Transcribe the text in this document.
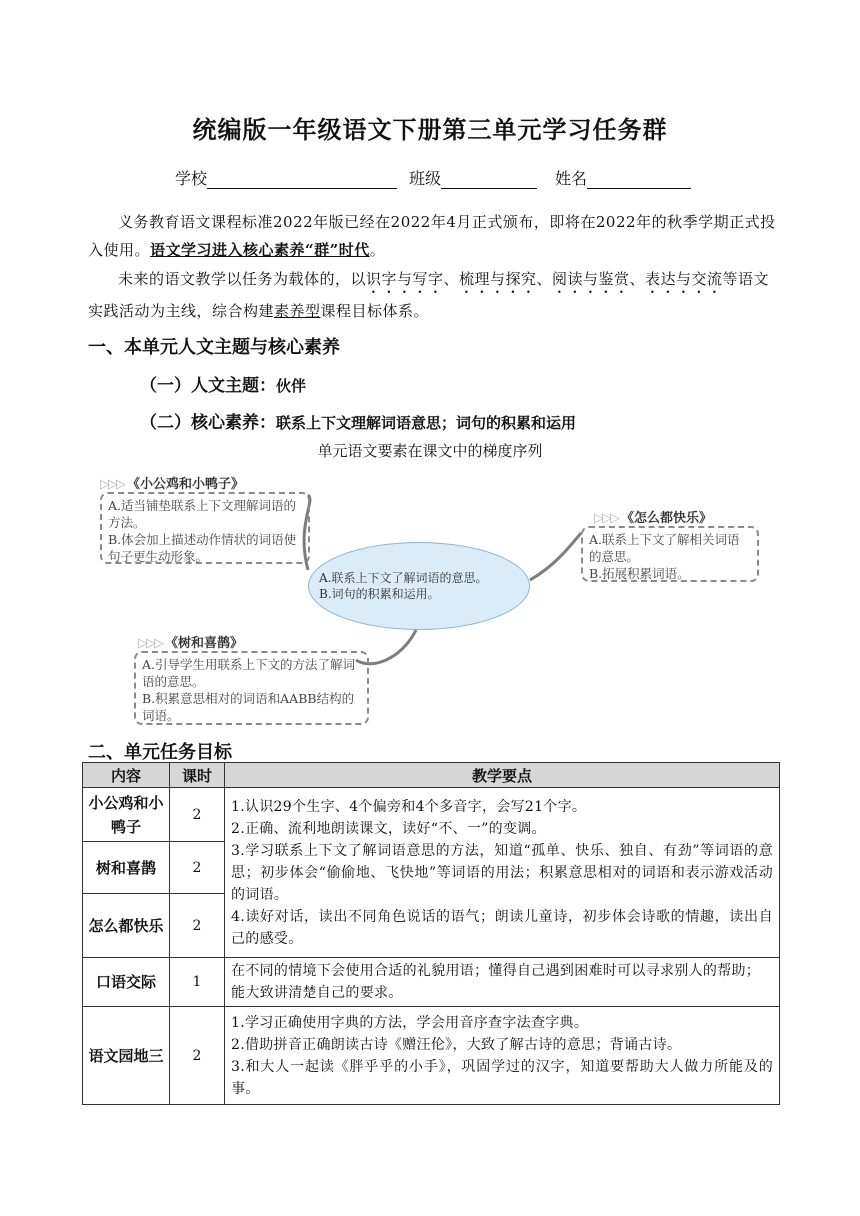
统编版一年级语文下册第三单元学习任务群
学校	班级	姓名
义务教育语文课程标准2022年版已经在2022年4月正式颁布，即将在2022年的秋季学期正式投入使用。语文学习进入核心素养“群”时代。
未来的语文教学以任务为载体的，以识字与写字、梳理与探究、阅读与鉴赏、表达与交流等语文实践活动为主线，综合构建素养型课程目标体系。
一、本单元人文主题与核心素养
（一）人文主题：伙伴
（二）核心素养：联系上下文理解词语意思；词句的积累和运用
单元语文要素在课文中的梯度序列
A.联系上下文了解词语的意思。
B.词句的积累和运用。
▷▷▷ 《小公鸡和小鸭子》
A.适当铺垫联系上下文理解词语的方法。
B.体会加上描述动作情状的词语使句子更生动形象。
▷▷▷ 《怎么都快乐》
A.联系上下文了解相关词语的意思。
B.拓展积累词语。
▷▷▷ 《树和喜鹊》
A.引导学生用联系上下文的方法了解词语的意思。
B.积累意思相对的词语和AABB结构的词语。
二、单元任务目标
内容	课时	教学要点
小公鸡和小鸭子	2	1.认识29个生字、4个偏旁和4个多音字，会写21个字。
2.正确、流利地朗读课文，读好“不、一”的变调。
3.学习联系上下文了解词语意思的方法，知道“孤单、快乐、独自、有劲”等词语的意思；初步体会“偷偷地、飞快地”等词语的用法；积累意思相对的词语和表示游戏活动的词语。
4.读好对话，读出不同角色说话的语气；朗读儿童诗，初步体会诗歌的情趣，读出自己的感受。

树和喜鹊	2	
怎么都快乐	2	
口语交际	1	在不同的情境下会使用合适的礼貌用语；懂得自己遇到困难时可以寻求别人的帮助；能大致讲清楚自己的要求。
语文园地三	2	1.学习正确使用字典的方法，学会用音序查字法查字典。
2.借助拼音正确朗读古诗《赠汪伦》，大致了解古诗的意思；背诵古诗。
3.和大人一起读《胖乎乎的小手》，巩固学过的汉字，知道要帮助大人做力所能及的事。
